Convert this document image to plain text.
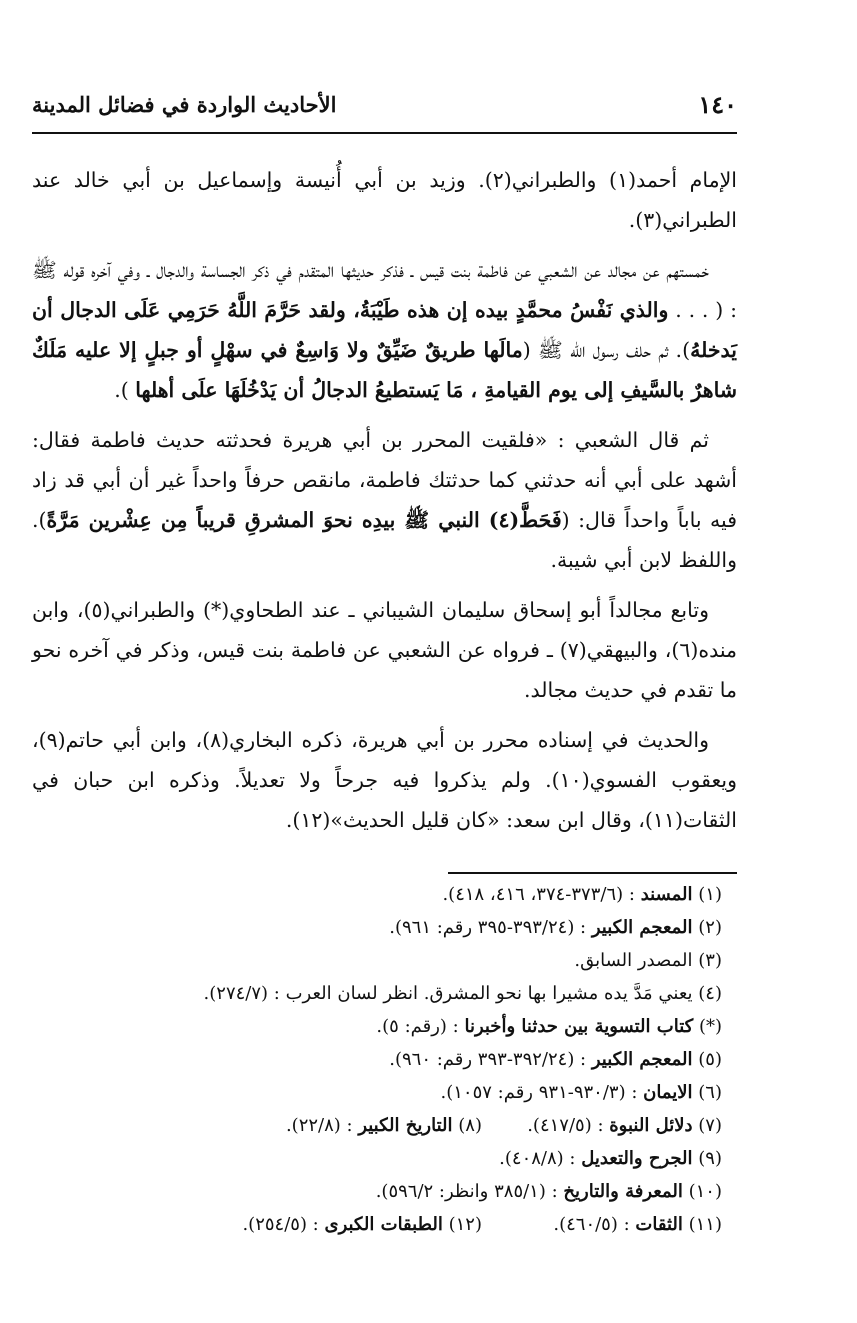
١٤٠
الأحاديث الواردة في فضائل المدينة

الإمام أحمد(١) والطبراني(٢). وزيد بن أبي أُنيسة وإسماعيل بن أبي خالد عند الطبراني(٣).

خمستهم عن مجالد عن الشعبي عن فاطمة بنت قيس ـ فذكر حديثها المتقدم في ذكر الجساسة والدجال ـ وفي آخره قوله ﷺ : ( . . . والذي نَفْسُ محمَّدٍ بيده إن هذه طَيْبَةُ، ولقد حَرَّمَ اللَّهُ حَرَمِي عَلَى الدجال أن يَدخلهُ). ثم حلف رسول الله ﷺ (مالَها طريقٌ ضَيِّقٌ ولا وَاسِعٌ في سهْلٍ أو جبلٍ إلا عليه مَلَكٌ شاهرٌ بالسَّيفِ إلى يوم القيامةِ ، مَا يَستطيعُ الدجالُ أن يَدْخُلَهَا علَى أهلها ).

ثم قال الشعبي : «فلقيت المحرر بن أبي هريرة فحدثته حديث فاطمة فقال: أشهد على أبي أنه حدثني كما حدثتك فاطمة، مانقص حرفاً واحداً غير أن أبي قد زاد فيه باباً واحداً قال: (فَحَطَّ(٤) النبي ﷺ بيدِه نحوَ المشرقِ قريباً مِن عِشْرين مَرَّةً). واللفظ لابن أبي شيبة.

وتابع مجالداً أبو إسحاق سليمان الشيباني ـ عند الطحاوي(*) والطبراني(٥)، وابن منده(٦)، والبيهقي(٧) ـ فرواه عن الشعبي عن فاطمة بنت قيس، وذكر في آخره نحو ما تقدم في حديث مجالد.

والحديث في إسناده محرر بن أبي هريرة، ذكره البخاري(٨)، وابن أبي حاتم(٩)، ويعقوب الفسوي(١٠). ولم يذكروا فيه جرحاً ولا تعديلاً. وذكره ابن حبان في الثقات(١١)، وقال ابن سعد: «كان قليل الحديث»(١٢).

(١) المسند : (٣٧٣/٦-٣٧٤، ٤١٦، ٤١٨).
(٢) المعجم الكبير : (٣٩٣/٢٤-٣٩٥ رقم: ٩٦١).
(٣) المصدر السابق.
(٤) يعني مَدَّ يده مشيرا بها نحو المشرق. انظر لسان العرب : (٢٧٤/٧).
(*) كتاب التسوية بين حدثنا وأخبرنا : (رقم: ٥).
(٥) المعجم الكبير : (٣٩٢/٢٤-٣٩٣ رقم: ٩٦٠).
(٦) الايمان : (٩٣٠/٣-٩٣١ رقم: ١٠٥٧).
(٧) دلائل النبوة : (٤١٧/٥).
(٨) التاريخ الكبير : (٢٢/٨).
(٩) الجرح والتعديل : (٤٠٨/٨).
(١٠) المعرفة والتاريخ : (٣٨٥/١ وانظر: ٥٩٦/٢).
(١١) الثقات : (٤٦٠/٥).
(١٢) الطبقات الكبرى : (٢٥٤/٥).
